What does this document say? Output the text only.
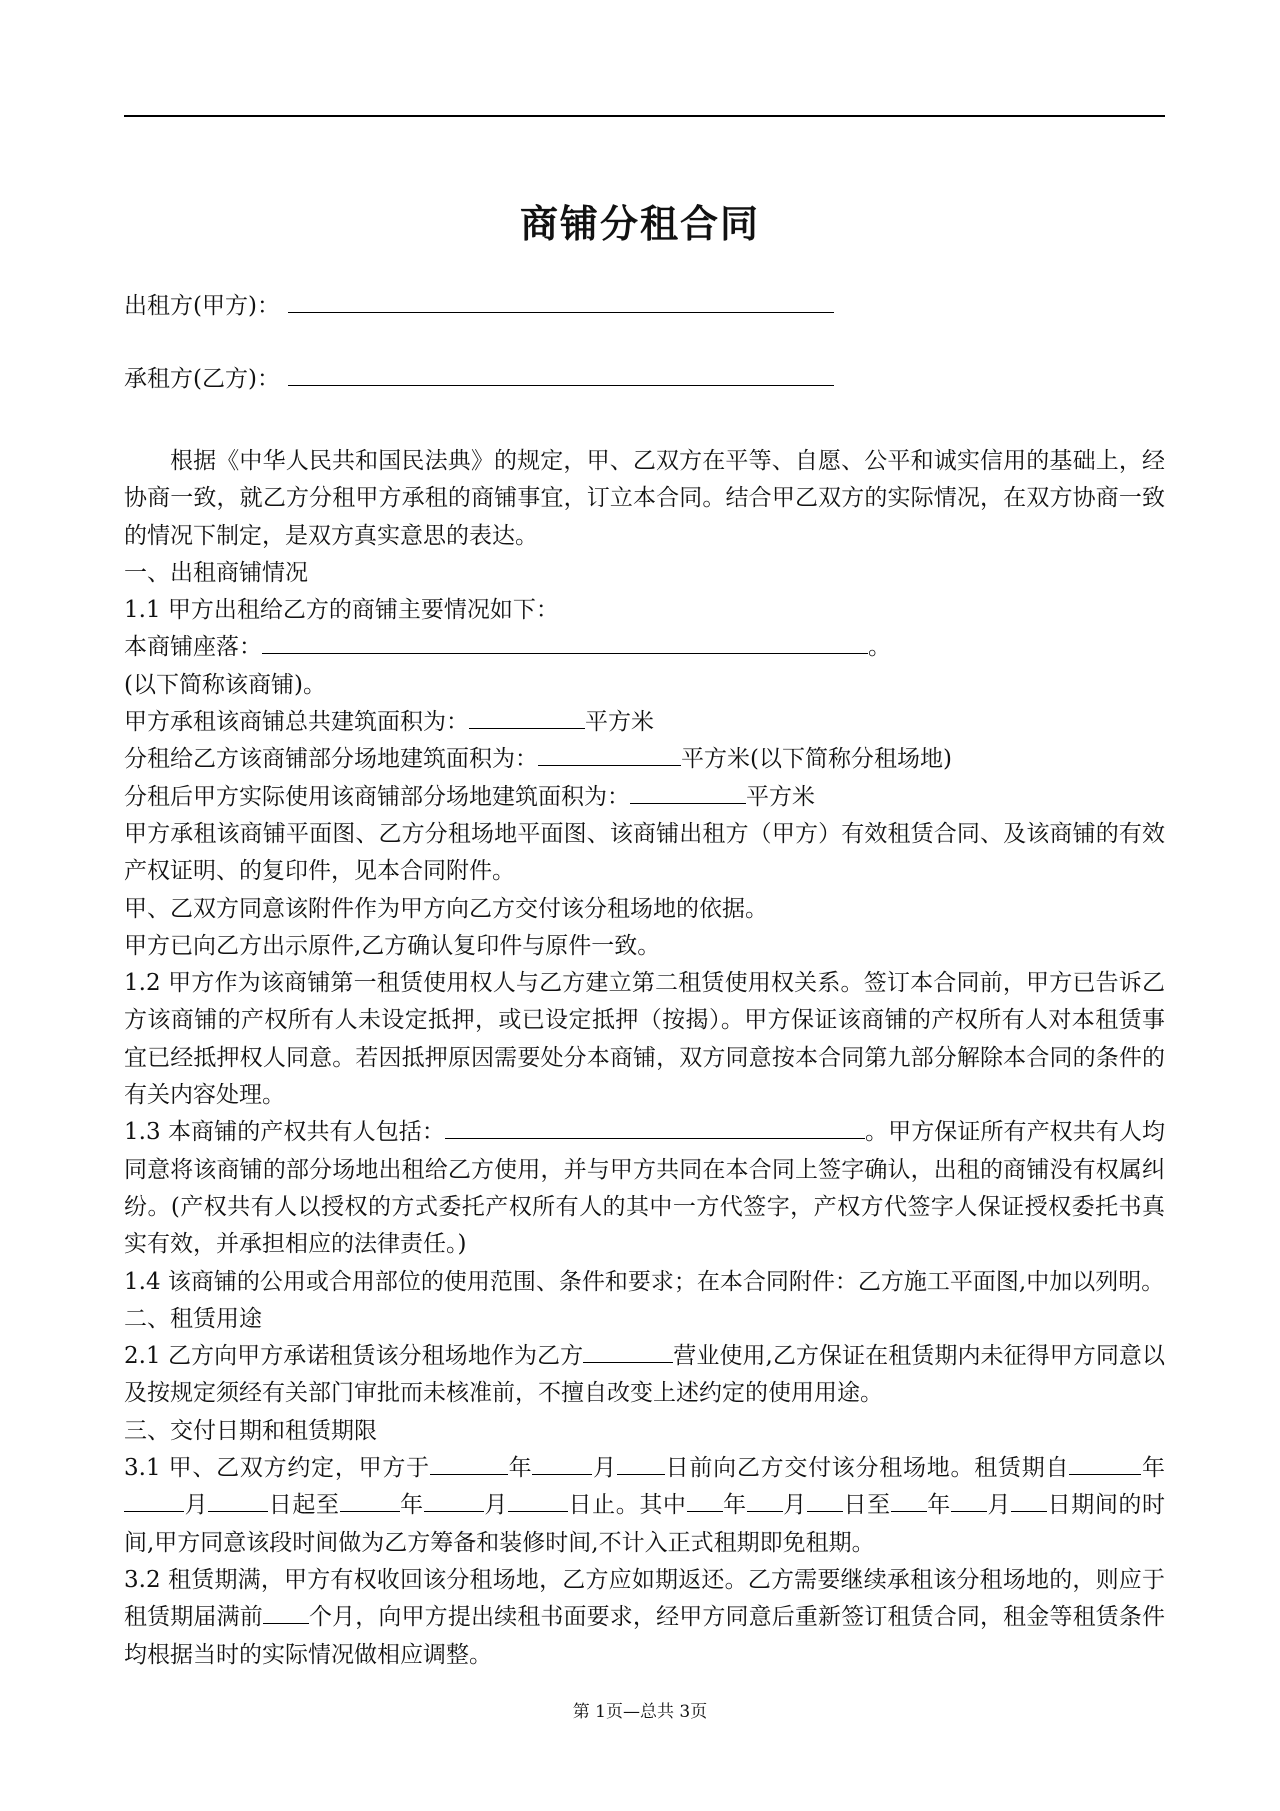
商铺分租合同
出租方(甲方)：
承租方(乙方)：

根据《中华人民共和国民法典》的规定，甲、乙双方在平等、自愿、公平和诚实信用的基础上，经协商一致，就乙方分租甲方承租的商铺事宜，订立本合同。结合甲乙双方的实际情况，在双方协商一致的情况下制定，是双方真实意思的表达。

一、出租商铺情况

1.1 甲方出租给乙方的商铺主要情况如下：

本商铺座落：	。

(以下简称该商铺)。

甲方承租该商铺总共建筑面积为：	平方米

分租给乙方该商铺部分场地建筑面积为：	平方米(以下简称分租场地)

分租后甲方实际使用该商铺部分场地建筑面积为：	平方米

甲方承租该商铺平面图、乙方分租场地平面图、该商铺出租方（甲方）有效租赁合同、及该商铺的有效产权证明、的复印件，见本合同附件。

甲、乙双方同意该附件作为甲方向乙方交付该分租场地的依据。

甲方已向乙方出示原件,乙方确认复印件与原件一致。

1.2 甲方作为该商铺第一租赁使用权人与乙方建立第二租赁使用权关系。签订本合同前，甲方已告诉乙方该商铺的产权所有人未设定抵押，或已设定抵押（按揭）。甲方保证该商铺的产权所有人对本租赁事宜已经抵押权人同意。若因抵押原因需要处分本商铺，双方同意按本合同第九部分解除本合同的条件的有关内容处理。

1.3 本商铺的产权共有人包括：	。甲方保证所有产权共有人均同意将该商铺的部分场地出租给乙方使用，并与甲方共同在本合同上签字确认，出租的商铺没有权属纠纷。(产权共有人以授权的方式委托产权所有人的其中一方代签字，产权方代签字人保证授权委托书真实有效，并承担相应的法律责任。)

1.4 该商铺的公用或合用部位的使用范围、条件和要求；在本合同附件：乙方施工平面图,中加以列明。

二、租赁用途

2.1 乙方向甲方承诺租赁该分租场地作为乙方	营业使用,乙方保证在租赁期内未征得甲方同意以及按规定须经有关部门审批而未核准前，不擅自改变上述约定的使用用途。

三、交付日期和租赁期限

3.1 甲、乙双方约定，甲方于	年	月 日前向乙方交付该分租场地。租赁期自	年月	日起至	年	月	日止。其中 年 月 日至 年 月 日期间的时间,甲方同意该段时间做为乙方筹备和装修时间,不计入正式租期即免租期。

3.2 租赁期满，甲方有权收回该分租场地，乙方应如期返还。乙方需要继续承租该分租场地的，则应于租赁期届满前 个月，向甲方提出续租书面要求，经甲方同意后重新签订租赁合同，租金等租赁条件均根据当时的实际情况做相应调整。

第 1页—总共 3页
